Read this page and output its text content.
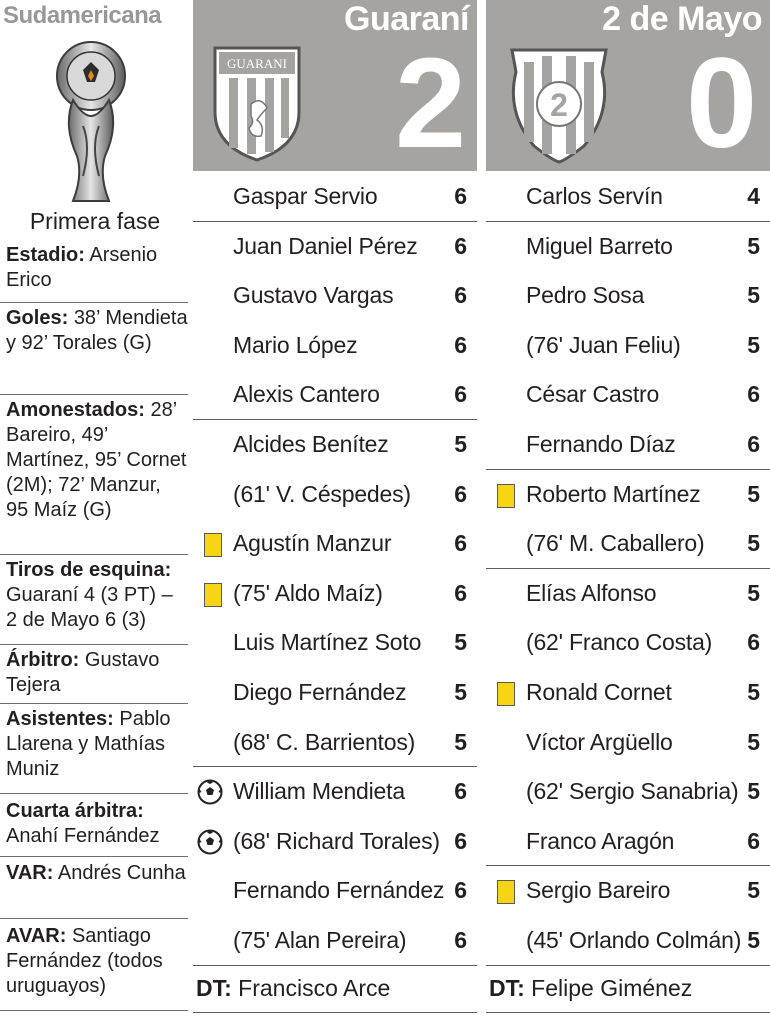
Sudamericana
Primera fase
Estadio: Arsenio Erico
Goles: 38’ Mendieta y 92’ Torales (G)
Amonestados: 28’ Bareiro, 49’ Martínez, 95’ Cornet (2M); 72’ Manzur, 95 Maíz (G)
Tiros de esquina: Guaraní 4 (3 PT) – 2 de Mayo 6 (3)
Árbitro: Gustavo Tejera
Asistentes: Pablo Llarena y Mathías Muniz
Cuarta árbitra: Anahí Fernández
VAR: Andrés Cunha
AVAR: Santiago Fernández (todos uruguayos)
Guaraní
GUARANI 2
2 de Mayo
2 0
Gaspar Servio	6
Juan Daniel Pérez 6
Gustavo Vargas	6
Mario López	6
Alexis Cantero	6
Alcides Benítez	5
(61' V. Céspedes) 6
Agustín Manzur	6
(75' Aldo Maíz)	6
Luis Martínez Soto 5
Diego Fernández 5
(68' C. Barrientos) 5
William Mendieta 6
(68' Richard Torales) 6
Fernando Fernández 6
(75' Alan Pereira) 6
Carlos Servín	4
Miguel Barreto	5
Pedro Sosa	5
(76' Juan Feliu)	5
César Castro	6
Fernando Díaz	6
Roberto Martínez 5
(76' M. Caballero) 5
Elías Alfonso	5
(62' Franco Costa) 6
Ronald Cornet	5
Víctor Argüello	5
(62' Sergio Sanabria) 5
Franco Aragón	6
Sergio Bareiro	5
(45' Orlando Colmán) 5
DT: Francisco Arce	DT: Felipe Giménez
